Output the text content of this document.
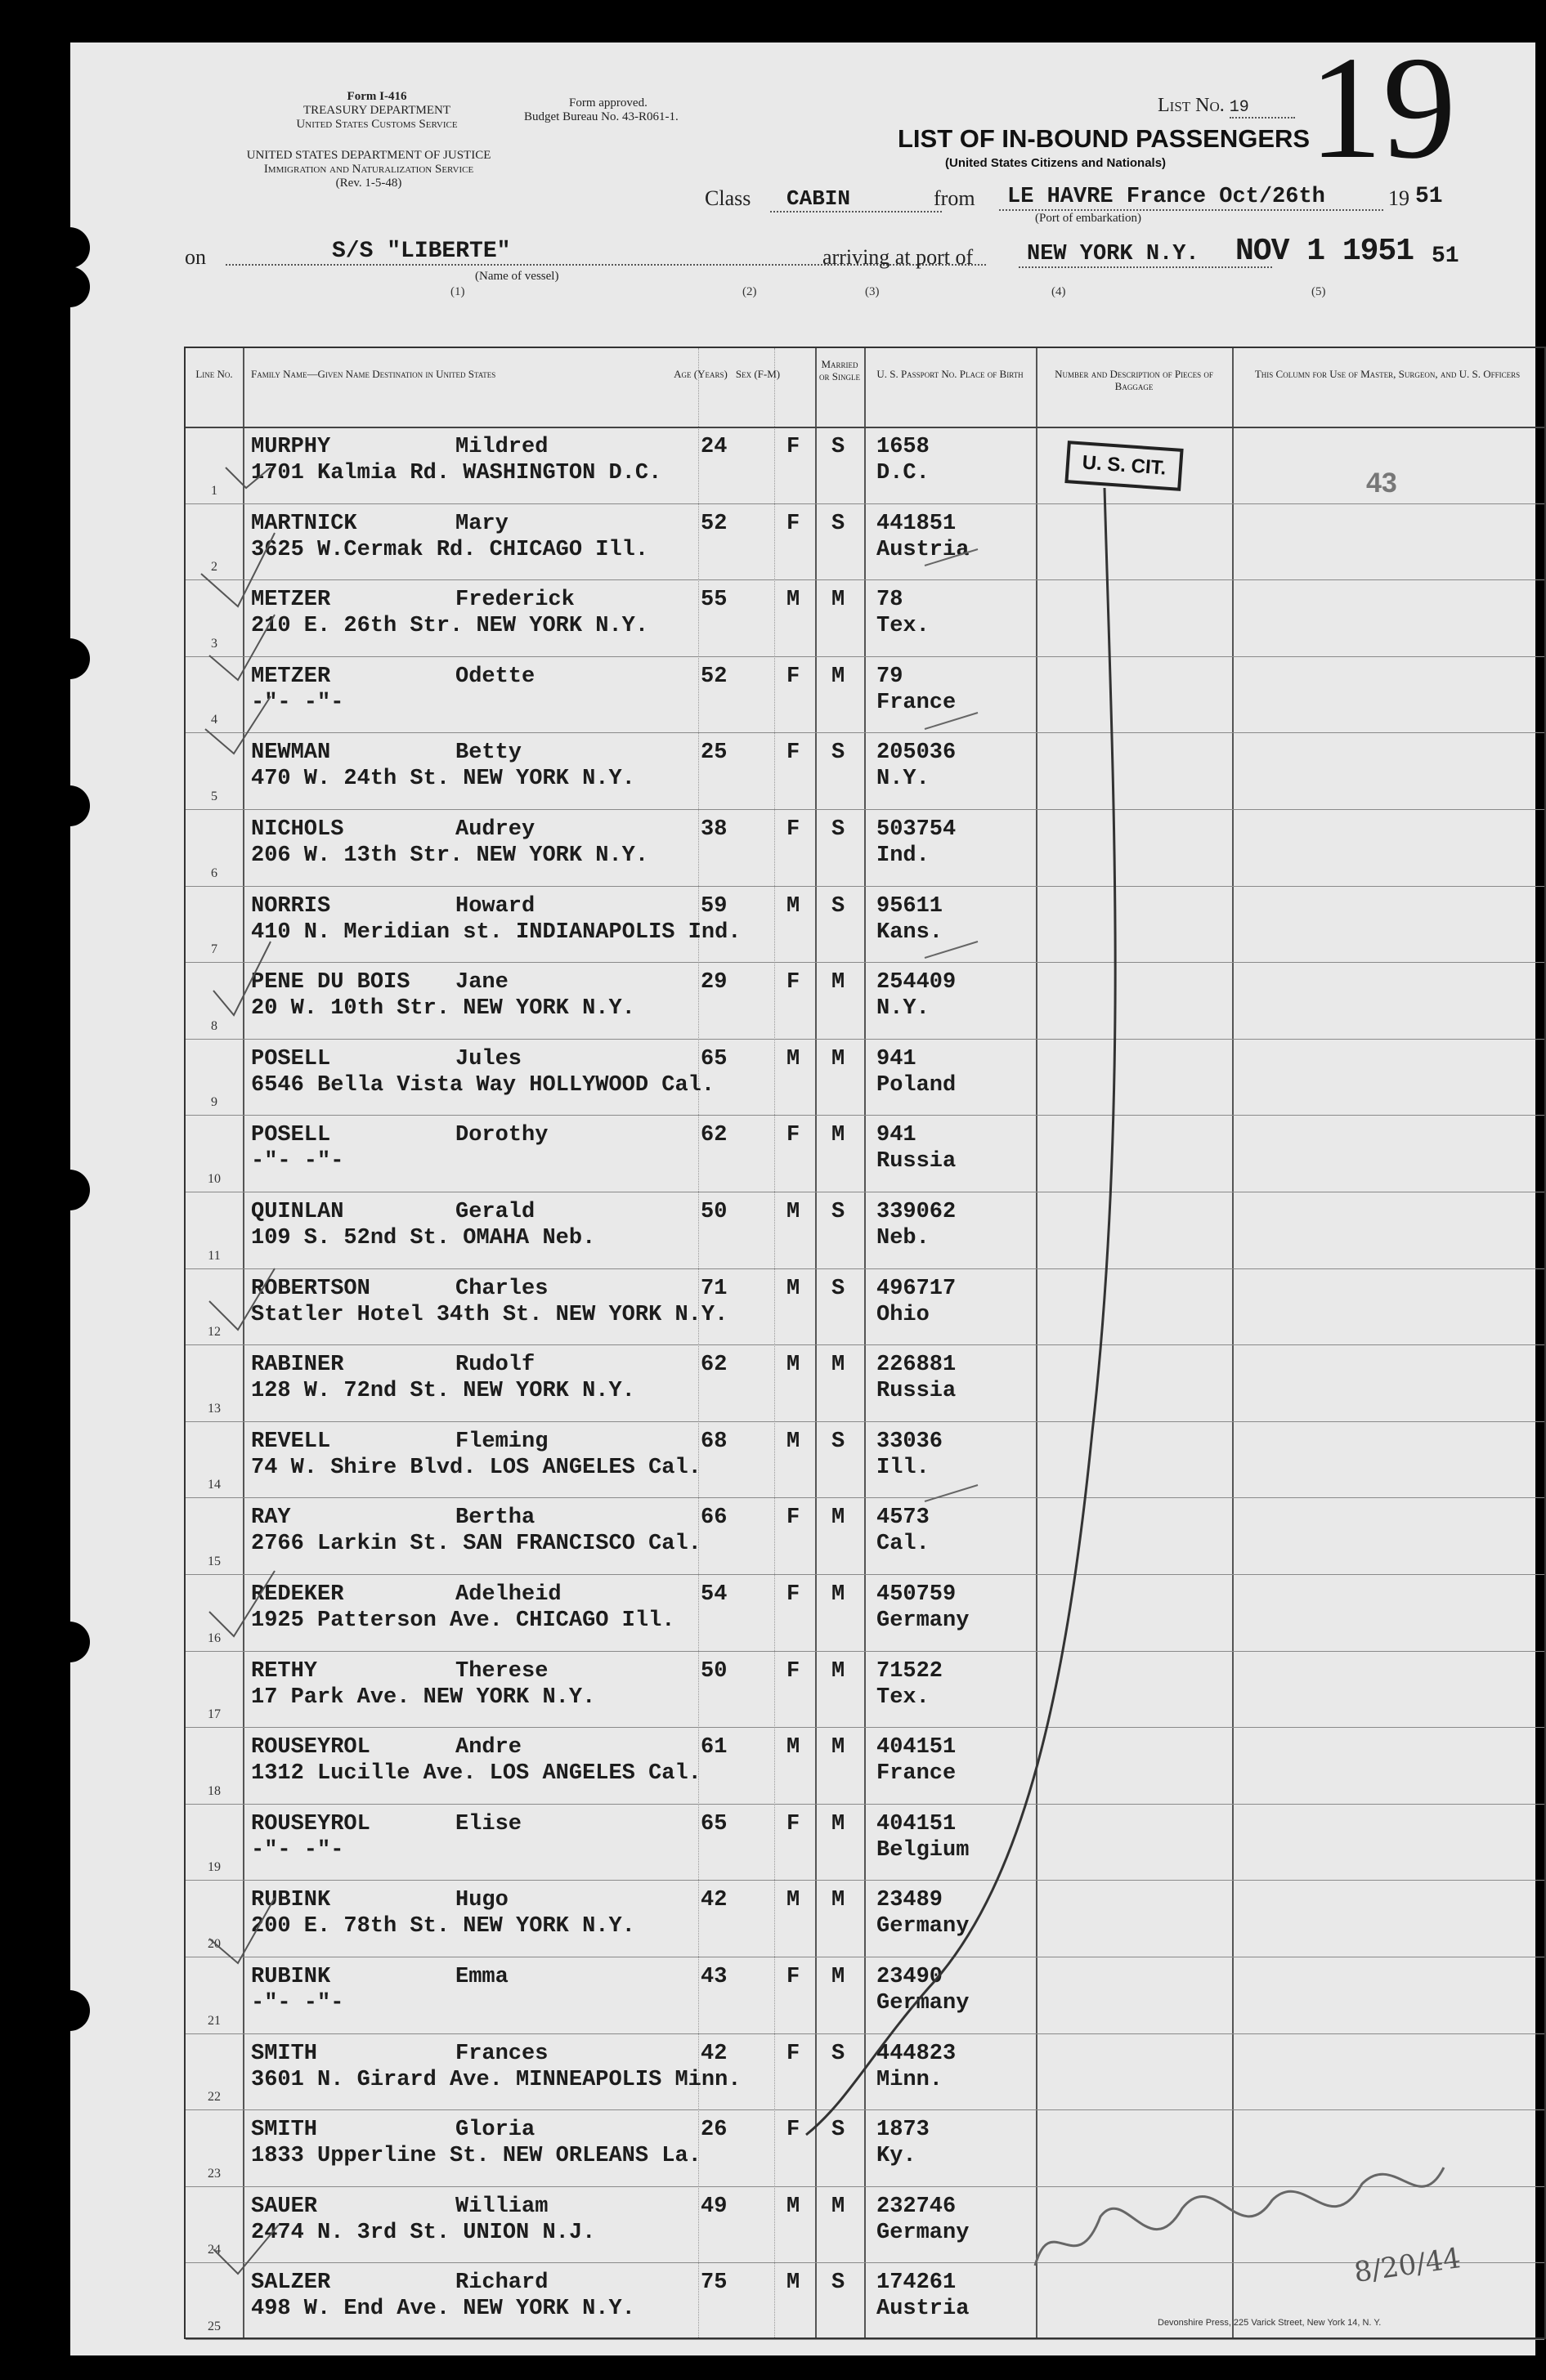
Form I-416
TREASURY DEPARTMENT
United States Customs Service
UNITED STATES DEPARTMENT OF JUSTICE
Immigration and Naturalization Service
(Rev. 1-5-48)
Form approved.
Budget Bureau No. 43-R061-1.
List No. 19 19
LIST OF IN-BOUND PASSENGERS
(United States Citizens and Nationals)
Class	CABIN	from	LE HAVRE France Oct/26th	19 51
(Port of embarkation)
on	S/S "LIBERTE"
(Name of vessel)
arriving at port of	NEW YORK N.Y.	NOV 1 1951 51
(1)	(2)	(3)	(4)	(5)
Line No.	Family Name—Given Name Destination in United States	Age (Years) Sex (F-M)
Married or Single U. S. Passport No. Place of Birth	Number and Description of Pieces of Baggage
This Column for Use of Master, Surgeon, and U. S. Officers
1
MURPHY	Mildred	24	F S 1658
1701 Kalmia Rd. WASHINGTON D.C.	D.C.
2
MARTNICK	Mary	52	F S 441851
3625 W.Cermak Rd. CHICAGO Ill.	Austria
3
METZER	Frederick	55	M M 78
210 E. 26th Str. NEW YORK N.Y.	Tex.
4
METZER	Odette	52	F M 79
-"- -"-	France
5
NEWMAN	Betty	25	F S 205036
470 W. 24th St. NEW YORK N.Y.	N.Y.
6
NICHOLS	Audrey	38	F S 503754
206 W. 13th Str. NEW YORK N.Y.	Ind.
7
NORRIS	Howard	59	M S 95611
410 N. Meridian st. INDIANAPOLIS Ind.	Kans.
8
PENE DU BOIS Jane	29	F M 254409
20 W. 10th Str. NEW YORK N.Y.	N.Y.
9
POSELL	Jules	65	M M 941
6546 Bella Vista Way HOLLYWOOD Cal.	Poland
10
POSELL	Dorothy	62	F M 941
-"- -"-	Russia
11
QUINLAN	Gerald	50	M S 339062
109 S. 52nd St. OMAHA Neb.	Neb.
12
ROBERTSON	Charles	71	M S 496717
Statler Hotel 34th St. NEW YORK N.Y.	Ohio
13
RABINER	Rudolf	62	M M 226881
128 W. 72nd St. NEW YORK N.Y.	Russia
14
REVELL	Fleming	68	M S 33036
74 W. Shire Blvd. LOS ANGELES Cal.	Ill.
15
RAY	Bertha	66	F M 4573
2766 Larkin St. SAN FRANCISCO Cal.	Cal.
16
REDEKER	Adelheid	54	F M 450759
1925 Patterson Ave. CHICAGO Ill.	Germany
17
RETHY	Therese	50	F M 71522
17 Park Ave. NEW YORK N.Y.	Tex.
18
ROUSEYROL	Andre	61	M M 404151
1312 Lucille Ave. LOS ANGELES Cal.	France
19
ROUSEYROL	Elise	65	F M 404151
-"- -"-	Belgium
20
RUBINK	Hugo	42	M M 23489
200 E. 78th St. NEW YORK N.Y.	Germany
21
RUBINK	Emma	43	F M 23490
-"- -"-	Germany
22
SMITH	Frances	42	F S 444823
3601 N. Girard Ave. MINNEAPOLIS Minn.	Minn.
23
SMITH	Gloria	26	F S 1873
1833 Upperline St. NEW ORLEANS La.	Ky.
24
SAUER	William	49	M M 232746
2474 N. 3rd St. UNION N.J.	Germany
25
SALZER	Richard	75	M S 174261
498 W. End Ave. NEW YORK N.Y.	Austria
U. S. CIT.
43
8/20/44
Devonshire Press, 225 Varick Street, New York 14, N. Y.
